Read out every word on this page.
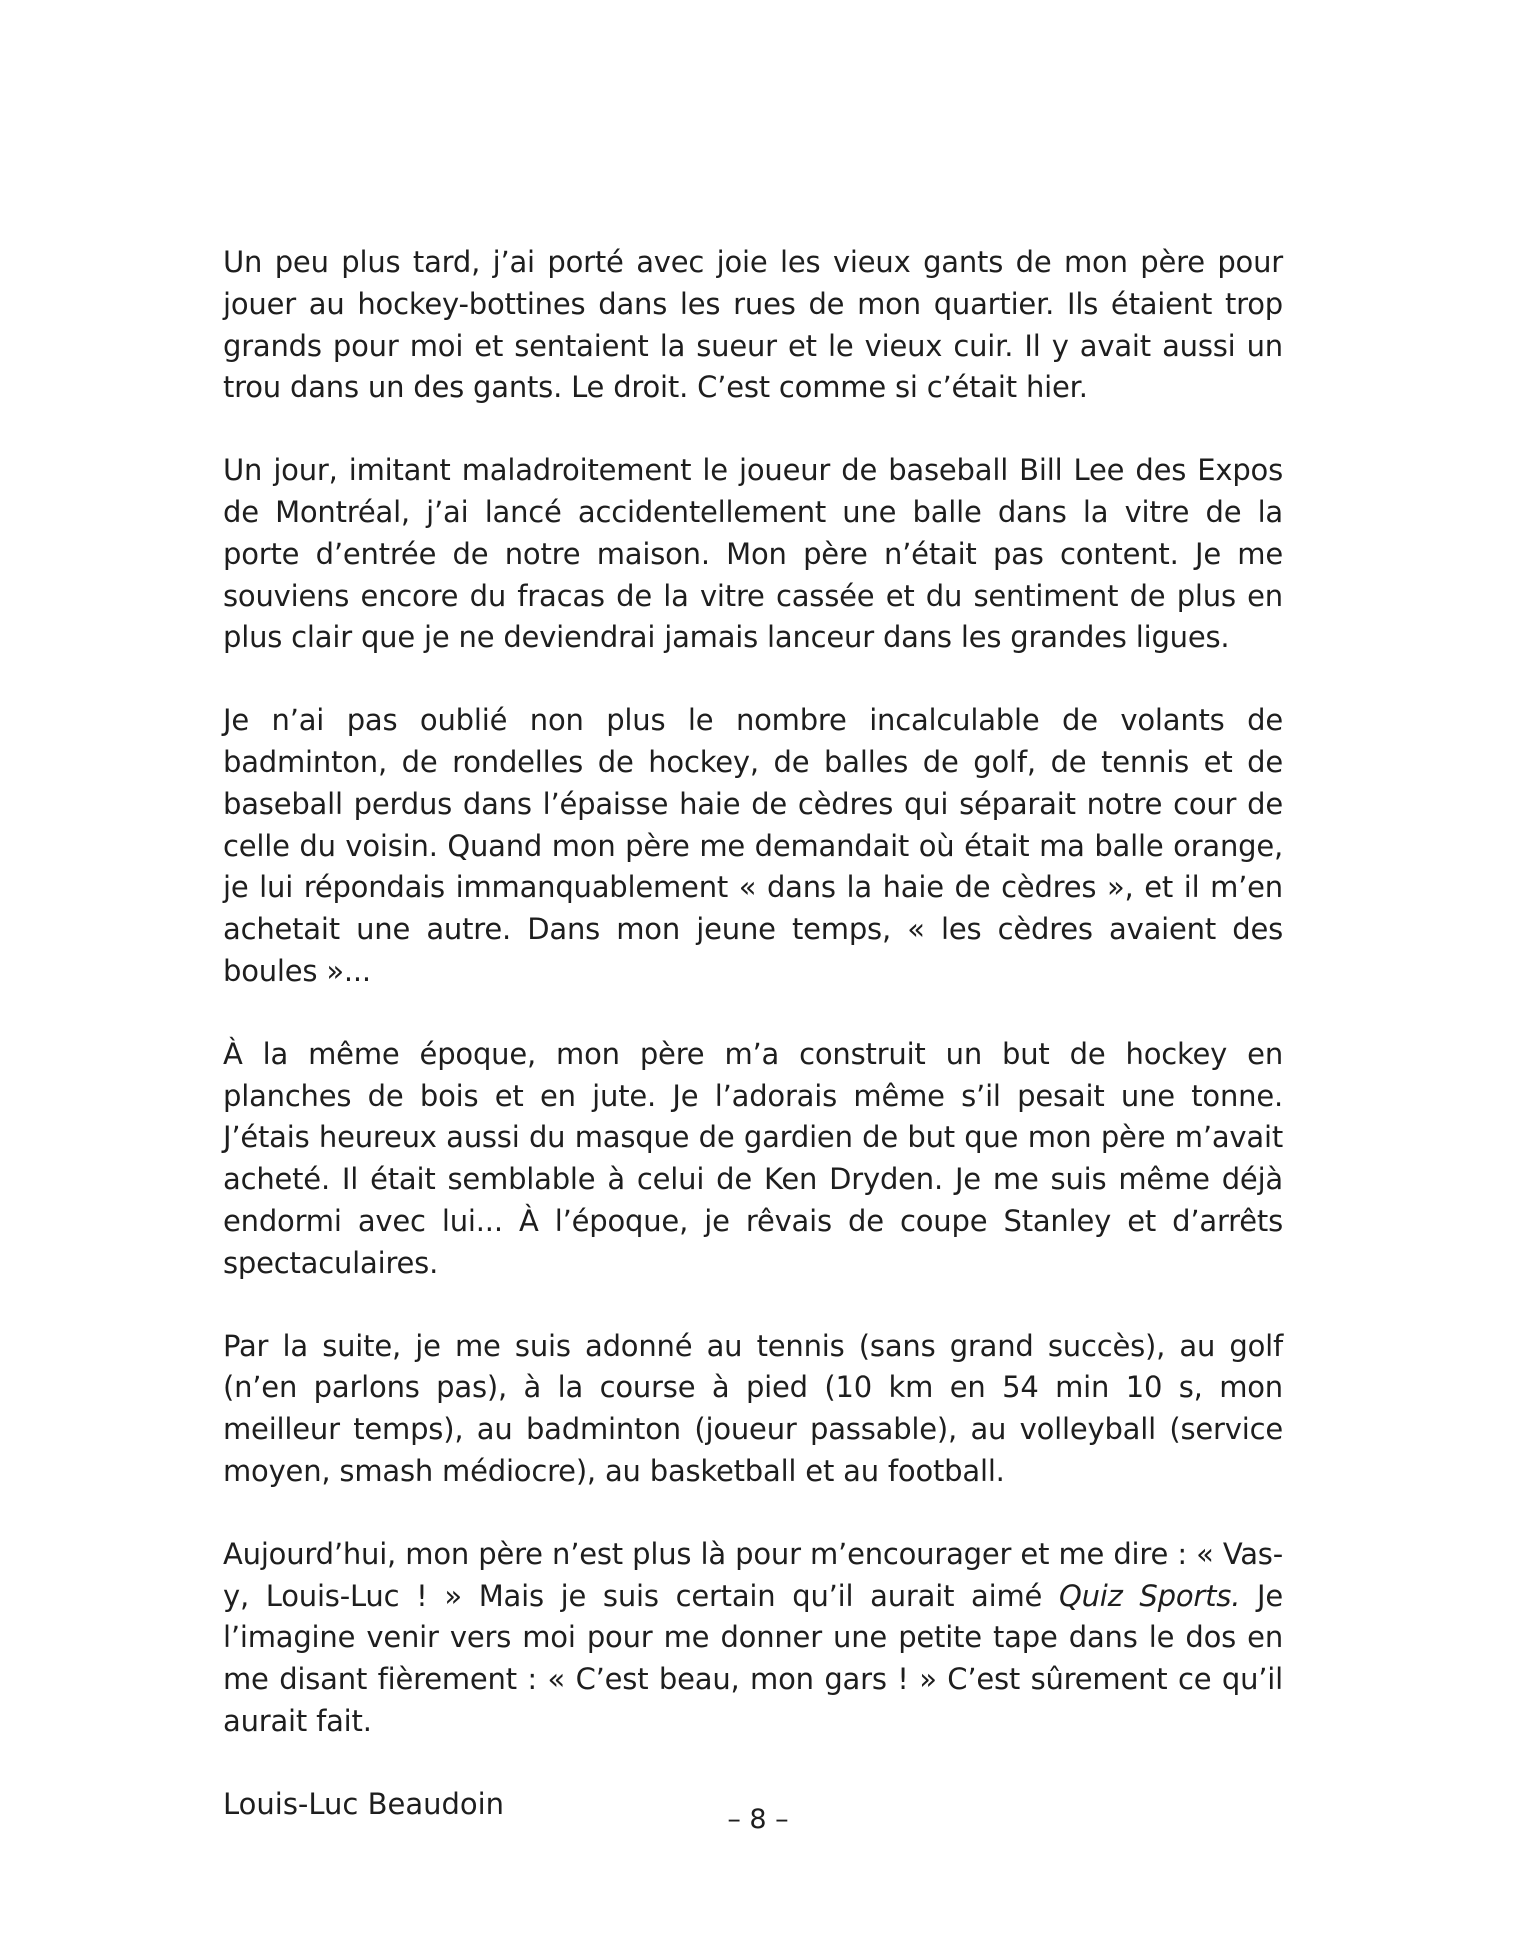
Un peu plus tard, j’ai porté avec joie les vieux gants de mon père pour jouer au hockey-bottines dans les rues de mon quartier. Ils étaient trop grands pour moi et sentaient la sueur et le vieux cuir. Il y avait aussi un trou dans un des gants. Le droit. C’est comme si c’était hier.

Un jour, imitant maladroitement le joueur de baseball Bill Lee des Expos de Montréal, j’ai lancé accidentellement une balle dans la vitre de la porte d’entrée de notre maison. Mon père n’était pas content. Je me souviens encore du fracas de la vitre cassée et du sentiment de plus en plus clair que je ne deviendrai jamais lanceur dans les grandes ligues.

Je n’ai pas oublié non plus le nombre incalculable de volants de badminton, de rondelles de hockey, de balles de golf, de tennis et de baseball perdus dans l’épaisse haie de cèdres qui séparait notre cour de celle du voisin. Quand mon père me demandait où était ma balle orange, je lui répondais immanquablement « dans la haie de cèdres », et il m’en achetait une autre. Dans mon jeune temps, « les cèdres avaient des boules »...

À la même époque, mon père m’a construit un but de hockey en planches de bois et en jute. Je l’adorais même s’il pesait une tonne. J’étais heureux aussi du masque de gardien de but que mon père m’avait acheté. Il était semblable à celui de Ken Dryden. Je me suis même déjà endormi avec lui... À l’époque, je rêvais de coupe Stanley et d’arrêts spectaculaires.

Par la suite, je me suis adonné au tennis (sans grand succès), au golf (n’en parlons pas), à la course à pied (10 km en 54 min 10 s, mon meilleur temps), au badminton (joueur passable), au volleyball (service moyen, smash médiocre), au basketball et au football.

Aujourd’hui, mon père n’est plus là pour m’encourager et me dire : « Vas-y, Louis-Luc ! » Mais je suis certain qu’il aurait aimé Quiz Sports. Je l’imagine venir vers moi pour me donner une petite tape dans le dos en me disant fièrement : « C’est beau, mon gars ! » C’est sûrement ce qu’il aurait fait.

Louis-Luc Beaudoin	– 8 –
